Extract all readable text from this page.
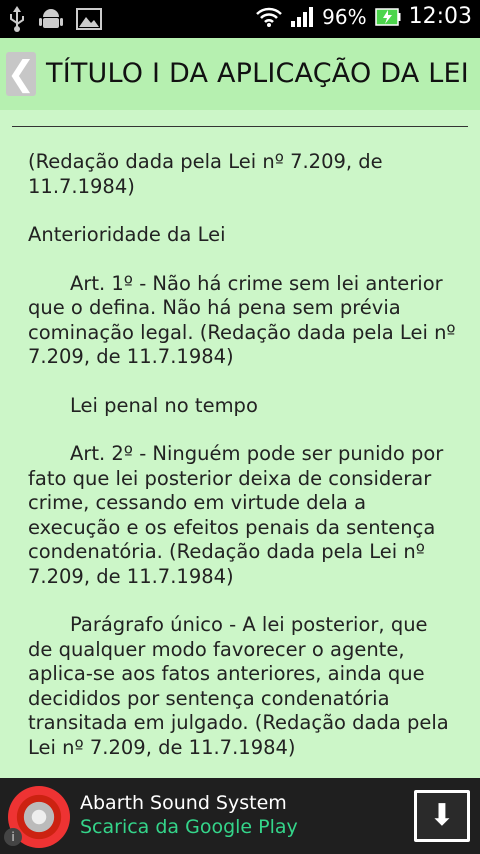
96% 12:03
❮ TÍTULO I DA APLICAÇÃO DA LEI

(Redação dada pela Lei nº 7.209, de 11.7.1984)

Anterioridade da Lei

Art. 1º - Não há crime sem lei anterior que o defina. Não há pena sem prévia cominação legal. (Redação dada pela Lei nº 7.209, de 11.7.1984)

Lei penal no tempo

Art. 2º - Ninguém pode ser punido por fato que lei posterior deixa de considerar crime, cessando em virtude dela a execução e os efeitos penais da sentença condenatória. (Redação dada pela Lei nº 7.209, de 11.7.1984)

Parágrafo único - A lei posterior, que de qualquer modo favorecer o agente, aplica-se aos fatos anteriores, ainda que decididos por sentença condenatória transitada em julgado. (Redação dada pela Lei nº 7.209, de 11.7.1984)

i
Abarth Sound System
Scarica da Google Play	⬇
